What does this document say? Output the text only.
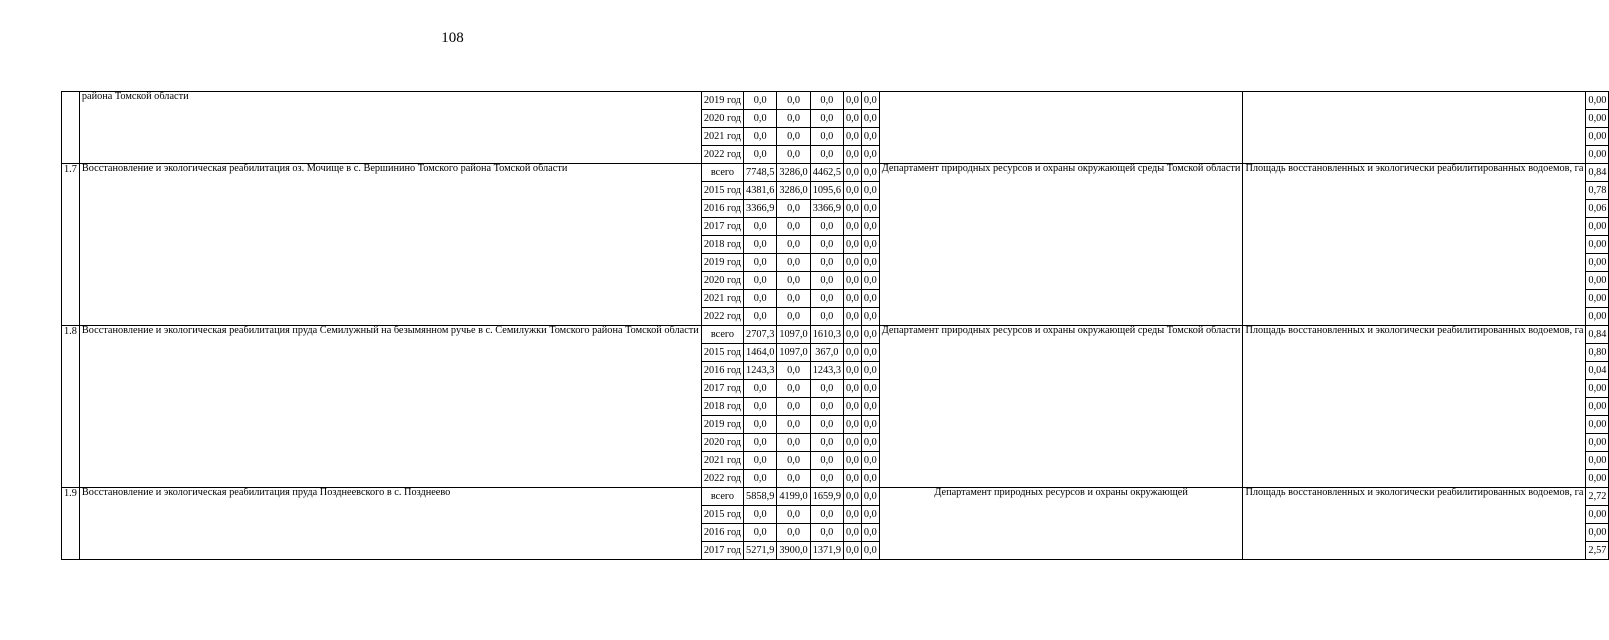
108
	района Томской области	2019 год	0,0	0,0	0,0	0,0	0,0			0,00
		2020 год	0,0	0,0	0,0	0,0	0,0			0,00
		2021 год	0,0	0,0	0,0	0,0	0,0			0,00
		2022 год	0,0	0,0	0,0	0,0	0,0			0,00
1.7	Восстановление и экологическая реабилитация оз. Мочище в с. Вершинино Томского района Томской области	всего	7748,5	3286,0	4462,5	0,0	0,0	Департамент природных ресурсов и охраны окружающей среды Томской области	Площадь восстановленных и экологически реабилитированных водоемов, га	0,84
		2015 год	4381,6	3286,0	1095,6	0,0	0,0			0,78
		2016 год	3366,9	0,0	3366,9	0,0	0,0			0,06
		2017 год	0,0	0,0	0,0	0,0	0,0			0,00
		2018 год	0,0	0,0	0,0	0,0	0,0			0,00
		2019 год	0,0	0,0	0,0	0,0	0,0			0,00
		2020 год	0,0	0,0	0,0	0,0	0,0			0,00
		2021 год	0,0	0,0	0,0	0,0	0,0			0,00
		2022 год	0,0	0,0	0,0	0,0	0,0			0,00
1.8	Восстановление и экологическая реабилитация пруда Семилужный на безымянном ручье в с. Семилужки Томского района Томской области	всего	2707,3	1097,0	1610,3	0,0	0,0	Департамент природных ресурсов и охраны окружающей среды Томской области	Площадь восстановленных и экологически реабилитированных водоемов, га	0,84
		2015 год	1464,0	1097,0	367,0	0,0	0,0			0,80
		2016 год	1243,3	0,0	1243,3	0,0	0,0			0,04
		2017 год	0,0	0,0	0,0	0,0	0,0			0,00
		2018 год	0,0	0,0	0,0	0,0	0,0			0,00
		2019 год	0,0	0,0	0,0	0,0	0,0			0,00
		2020 год	0,0	0,0	0,0	0,0	0,0			0,00
		2021 год	0,0	0,0	0,0	0,0	0,0			0,00
		2022 год	0,0	0,0	0,0	0,0	0,0			0,00
1.9	Восстановление и экологическая реабилитация пруда Позднеевского в с. Позднеево	всего	5858,9	4199,0	1659,9	0,0	0,0	Департамент природных ресурсов и охраны окружающей	Площадь восстановленных и экологически реабилитированных водоемов, га	2,72
		2015 год	0,0	0,0	0,0	0,0	0,0			0,00
		2016 год	0,0	0,0	0,0	0,0	0,0			0,00
		2017 год	5271,9	3900,0	1371,9	0,0	0,0			2,57
